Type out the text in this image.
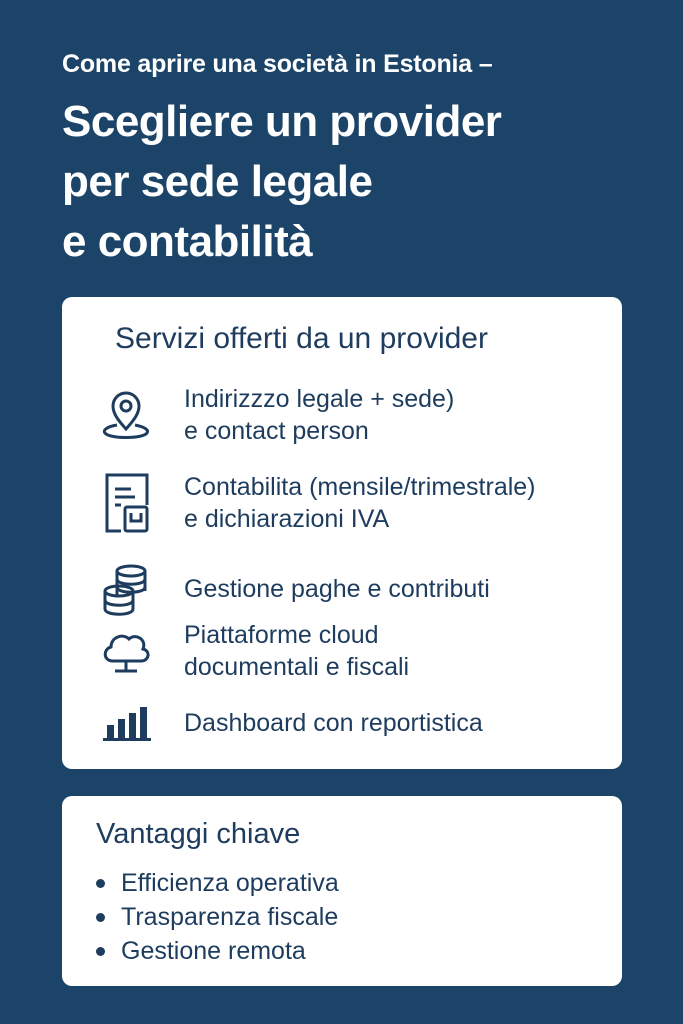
Come aprire una società in Estonia –
Scegliere un provider
per sede legale
e contabilità
Servizi offerti da un provider
Indirizzzo legale + sede)
e contact person
Contabilita (mensile/trimestrale)
e dichiarazioni IVA
Gestione paghe e contributi
Piattaforme cloud
documentali e fiscali
Dashboard con reportistica
Vantaggi chiave
Efficienza operativa
Trasparenza fiscale
Gestione remota
